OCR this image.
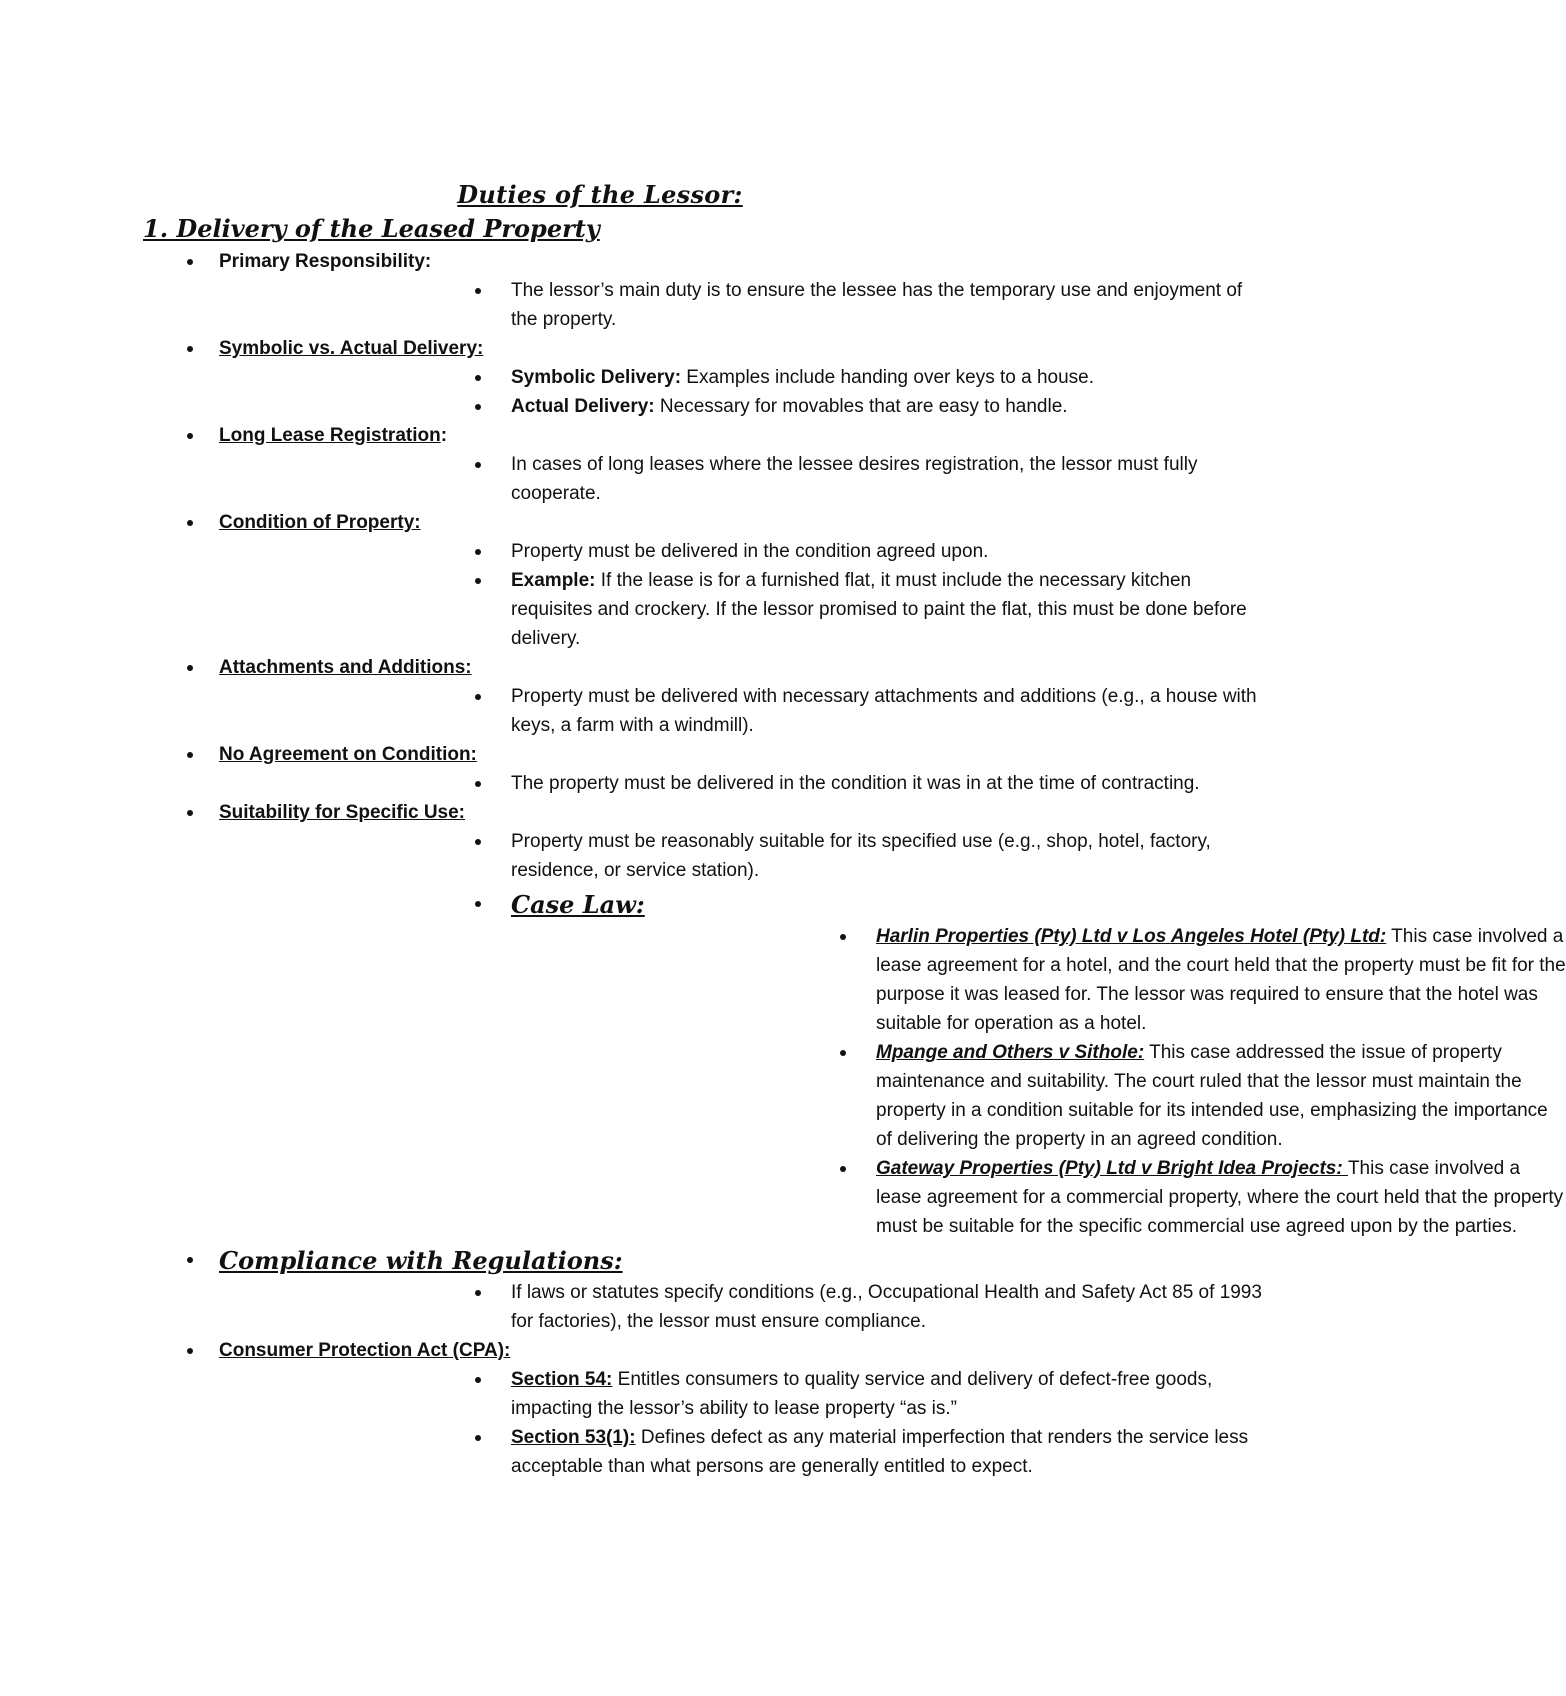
Duties of the Lessor:
1. Delivery of the Leased Property
Primary Responsibility:
The lessor’s main duty is to ensure the lessee has the temporary use and enjoyment of the property.
Symbolic vs. Actual Delivery:
Symbolic Delivery: Examples include handing over keys to a house.
Actual Delivery: Necessary for movables that are easy to handle.
Long Lease Registration:
In cases of long leases where the lessee desires registration, the lessor must fully cooperate.
Condition of Property:
Property must be delivered in the condition agreed upon.
Example: If the lease is for a furnished flat, it must include the necessary kitchen requisites and crockery. If the lessor promised to paint the flat, this must be done before delivery.
Attachments and Additions:
Property must be delivered with necessary attachments and additions (e.g., a house with keys, a farm with a windmill).
No Agreement on Condition:
The property must be delivered in the condition it was in at the time of contracting.
Suitability for Specific Use:
Property must be reasonably suitable for its specified use (e.g., shop, hotel, factory, residence, or service station).
Case Law:
Harlin Properties (Pty) Ltd v Los Angeles Hotel (Pty) Ltd: This case involved a lease agreement for a hotel, and the court held that the property must be fit for the purpose it was leased for. The lessor was required to ensure that the hotel was suitable for operation as a hotel.
Mpange and Others v Sithole: This case addressed the issue of property maintenance and suitability. The court ruled that the lessor must maintain the property in a condition suitable for its intended use, emphasizing the importance of delivering the property in an agreed condition.
Gateway Properties (Pty) Ltd v Bright Idea Projects: This case involved a lease agreement for a commercial property, where the court held that the property must be suitable for the specific commercial use agreed upon by the parties.
Compliance with Regulations:
If laws or statutes specify conditions (e.g., Occupational Health and Safety Act 85 of 1993 for factories), the lessor must ensure compliance.
Consumer Protection Act (CPA):
Section 54: Entitles consumers to quality service and delivery of defect-free goods, impacting the lessor’s ability to lease property “as is.”
Section 53(1): Defines defect as any material imperfection that renders the service less acceptable than what persons are generally entitled to expect.
